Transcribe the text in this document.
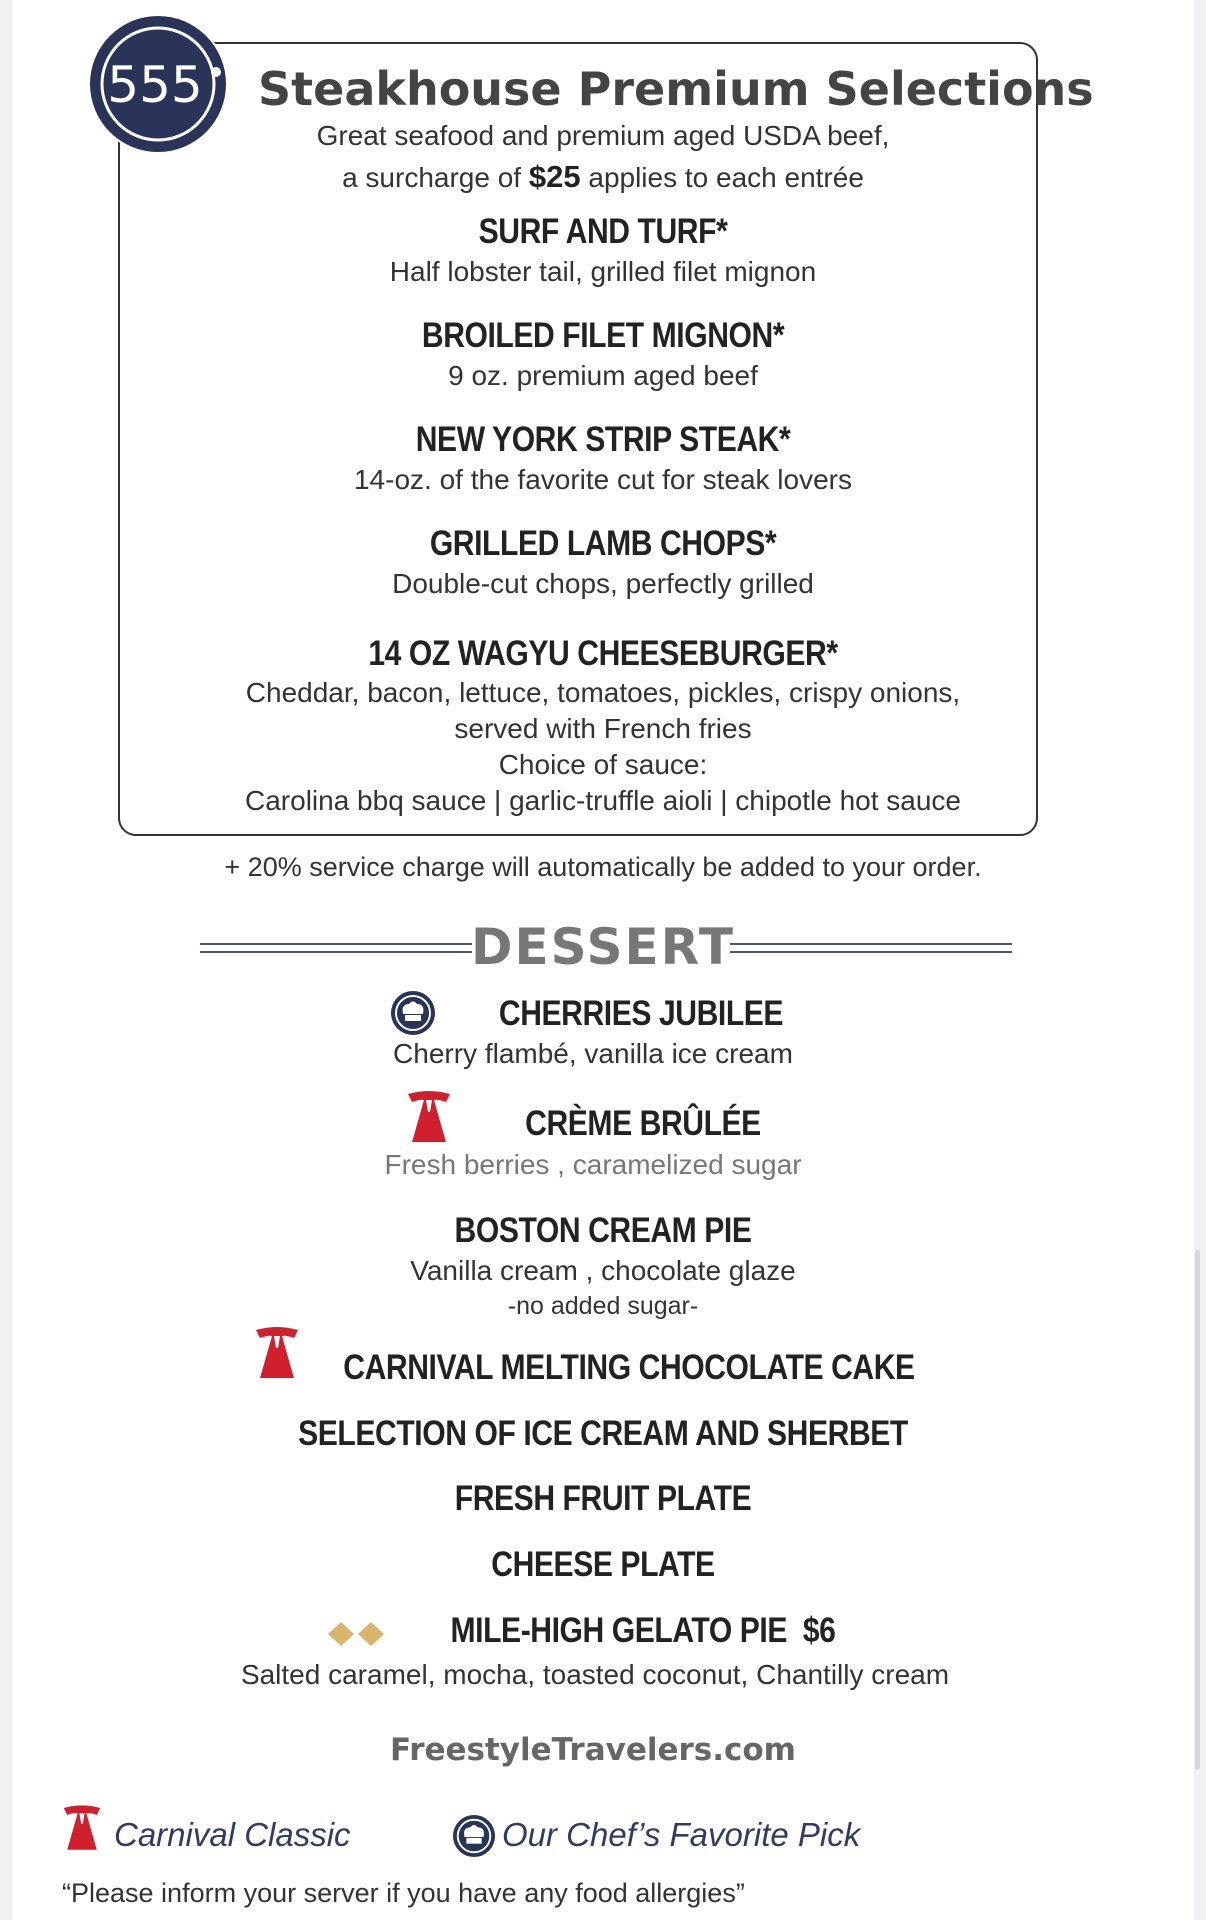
555 Steakhouse Premium Selections
Great seafood and premium aged USDA beef,
a surcharge of $25 applies to each entrée
SURF AND TURF*
Half lobster tail, grilled filet mignon
BROILED FILET MIGNON*
9 oz. premium aged beef
NEW YORK STRIP STEAK*
14-oz. of the favorite cut for steak lovers
GRILLED LAMB CHOPS*
Double-cut chops, perfectly grilled
14 OZ WAGYU CHEESEBURGER*
Cheddar, bacon, lettuce, tomatoes, pickles, crispy onions,
served with French fries
Choice of sauce:
Carolina bbq sauce | garlic-truffle aioli | chipotle hot sauce
+ 20% service charge will automatically be added to your order.
DESSERT
CHERRIES JUBILEE
Cherry flambé, vanilla ice cream
CRÈME BRÛLÉE
Fresh berries , caramelized sugar
BOSTON CREAM PIE
Vanilla cream , chocolate glaze
-no added sugar-
CARNIVAL MELTING CHOCOLATE CAKE
SELECTION OF ICE CREAM AND SHERBET
FRESH FRUIT PLATE
CHEESE PLATE
MILE-HIGH GELATO PIE $6
Salted caramel, mocha, toasted coconut, Chantilly cream
FreestyleTravelers.com
Carnival Classic	Our Chef’s Favorite Pick
“Please inform your server if you have any food allergies”
